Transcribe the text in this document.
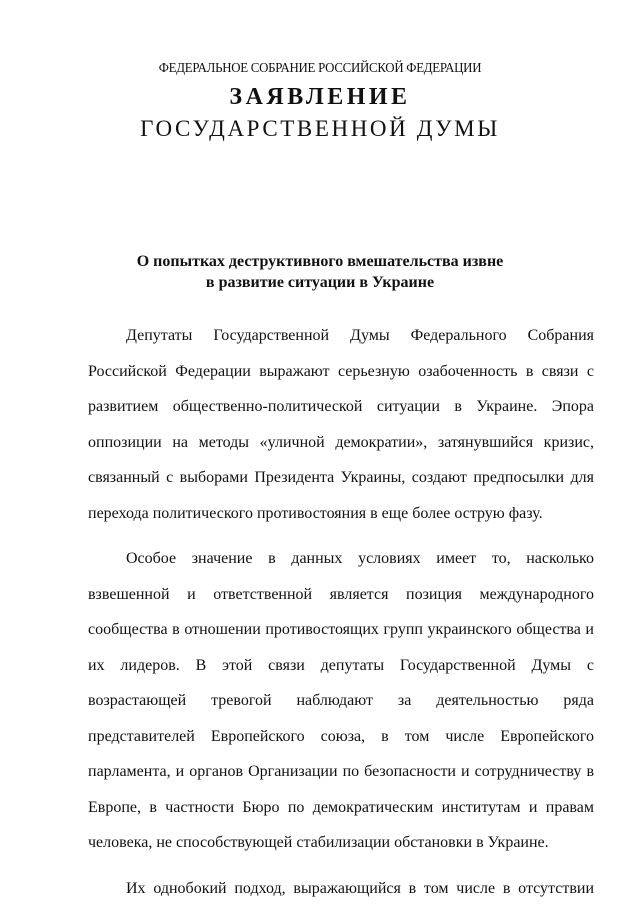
ФЕДЕРАЛЬНОЕ СОБРАНИЕ РОССИЙСКОЙ ФЕДЕРАЦИИ
ЗАЯВЛЕНИЕ
ГОСУДАРСТВЕННОЙ ДУМЫ
О попытках деструктивного вмешательства извне
в развитие ситуации в Украине

Депутаты Государственной Думы Федерального Собрания Российской Федерации выражают серьезную озабоченность в связи с развитием общественно-политической ситуации в Украине. Эпора оппозиции на методы «уличной демократии», затянувшийся кризис, связанный с выборами Президента Украины, создают предпосылки для перехода политического противостояния в еще более острую фазу.

Особое значение в данных условиях имеет то, насколько взвешенной и ответственной является позиция международного сообщества в отношении противостоящих групп украинского общества и их лидеров. В этой связи депутаты Государственной Думы с возрастающей тревогой наблюдают за деятельностью ряда представителей Европейского союза, в том числе Европейского парламента, и органов Организации по безопасности и сотрудничеству в Европе, в частности Бюро по демократическим институтам и правам человека, не способствующей стабилизации обстановки в Украине.

Их однобокий подход, выражающийся в том числе в отсутствии
